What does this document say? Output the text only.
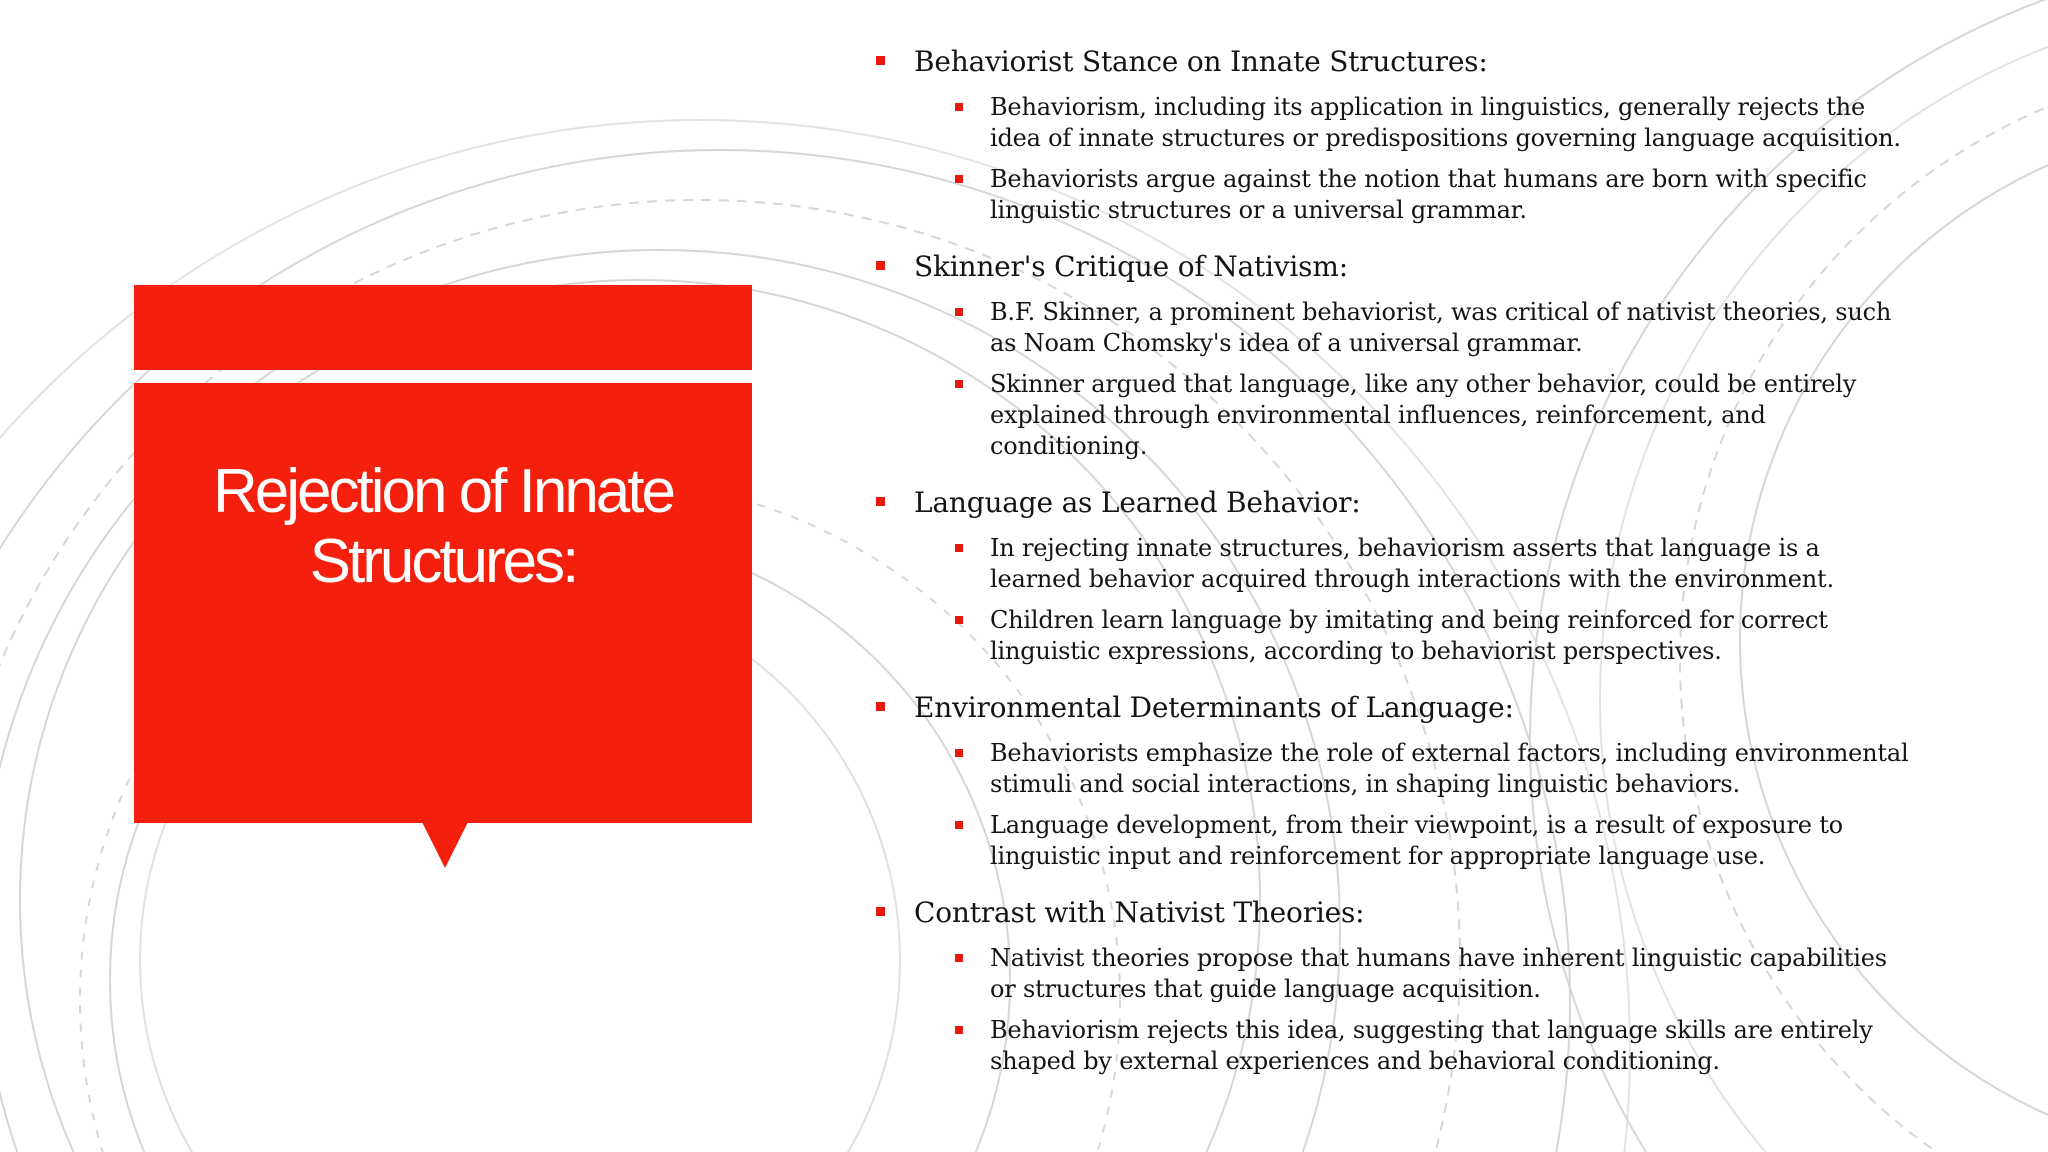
Rejection of Innate Structures:
Behaviorist Stance on Innate Structures:
Behaviorism, including its application in linguistics, generally rejects the idea of innate structures or predispositions governing language acquisition.
Behaviorists argue against the notion that humans are born with specific linguistic structures or a universal grammar.
Skinner's Critique of Nativism:
B.F. Skinner, a prominent behaviorist, was critical of nativist theories, such as Noam Chomsky's idea of a universal grammar.
Skinner argued that language, like any other behavior, could be entirely explained through environmental influences, reinforcement, and conditioning.
Language as Learned Behavior:
In rejecting innate structures, behaviorism asserts that language is a learned behavior acquired through interactions with the environment.
Children learn language by imitating and being reinforced for correct linguistic expressions, according to behaviorist perspectives.
Environmental Determinants of Language:
Behaviorists emphasize the role of external factors, including environmental stimuli and social interactions, in shaping linguistic behaviors.
Language development, from their viewpoint, is a result of exposure to linguistic input and reinforcement for appropriate language use.
Contrast with Nativist Theories:
Nativist theories propose that humans have inherent linguistic capabilities or structures that guide language acquisition.
Behaviorism rejects this idea, suggesting that language skills are entirely shaped by external experiences and behavioral conditioning.
